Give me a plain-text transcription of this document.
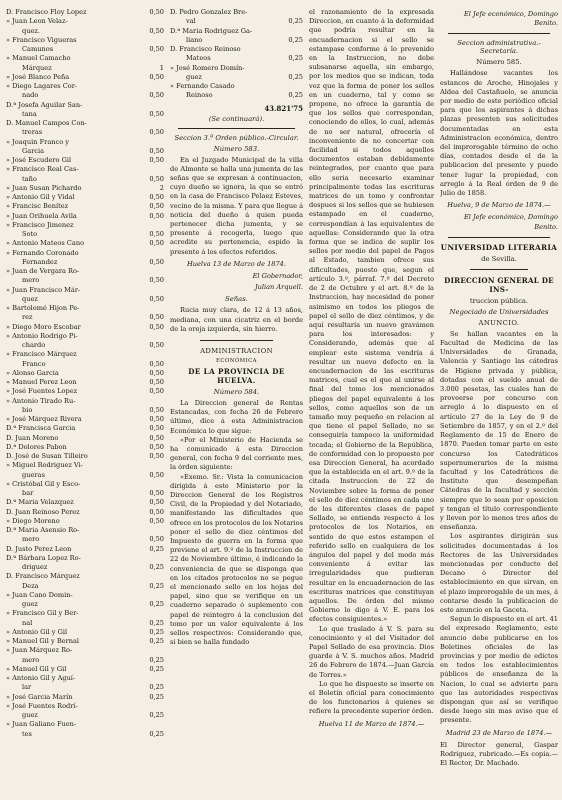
D. Francisco Floy Lopez	0,50
» Juan Leon Velaz-
quez.	0,50
» Francisco Vigueras
Camunos	0,50
» Manuel Camacho
Márquez	1
» José Blanco Peña	0,50
» Diego Lagares Cor-
nado	0,50
D.ª Josefa Aguilar San-
tana	0,50
D. Manuel Campos Con-
treras	0,50
» Joaquin Franco y
Garcia	0,50
» José Escudero Gil	0,50
» Francisco Real Cas-
taño	0,50
» Juan Susan Pichardo	2
» Antonio Gil y Vidal	0,50
» Francisc Benítez	0,50
» Juan Orihuela Avila	0,50
» Francisco Jimenez
Soto	0,50
» Antonio Mateos Cano	0,50
» Fernando Coronado
Fernandez	0,50
» Juan de Vergara Ro-
mero	0,50
» Juan Francisco Már-
quez	0,50
» Bartolomé Hijon Pe-
rez	0,50
» Diego Moro Escobar	0,50
» Antonio Rodrigo Pi-
chardo	0,50
» Francisco Márquez
Franco	0,50
» Alonso Garcia	0,50
» Manuel Perez Leon	0,50
» José Fuentes Lopez	0,50
» Antonio Tirado Ru-
bio	0,50
» José Márquez Rivera	0,50
D.ª Francisca Garcia	0,50
D. Juan Moreno	0,50
D.ª Dolores Pabon	0,50
D. José de Susan Tilleiro	0,50
» Miguel Rodriguez Vi-
gueras	0,50
» Cristóbal Gil y Esco-
bar	0,50
D.ª Maria Velazquez	0,50
D. Juan Reinoso Perez	0,50
» Diego Moreno	0,50
D.ª Maria Asensio Ro-
mero	0,50
D. Justo Perez Leon	0,25
D.ª Bárbara Lopez Ro-
driguez	0,25
D. Francisco Márquez
Deza	0,25
» Juan Cano Domin-
guez	0,25
» Francisco Gil y Ber-
nal	0,25
» Antonio Gil y Gil	0,25
» Manuel Gil y Bernal	0,25
» Juan Márquez Ro-
mero	0,25
» Manuel Gil y Gil	0,25
» Antonio Gil y Aguí-
lar	0,25
» José Garcia Marín	0,25
» José Fuentes Rodrí-
guez	0,25
» Juan Galiano Fuen-
tes	0,25
D. Pedro Gonzalez Bre-
val	0,25
D.ª Maria Rodriguez Ga-
liano	0,25
D. Francisco Reinoso
Mateos	0,25
» José Romero Domín-
guez	0,25
» Fernando Casado
Reinoso	0,25
43.821'75
(Se continuará).
Seccion 3.ª Orden público.-Circular.
Número 583.

En el Juzgado Municipal de la villa de Almonte se halla una jumenta de las señas que se expresan á continuacion, cuyo dueño se ignora, la que se entró en la casa de Francisco Pelaez Esteves, vecino de la misma. Y para que llegue á noticia del dueño á quien pueda pertenecer dicha jumenta, y se presente á recogerla, luego que acredite su pertenencia, espido la presente á los efectos referidos.

Huelva 13 de Marzo de 1874.
El Gobernador,
Julian Arquell.
Señas.

Rucia muy clara, de 12 á 13 años, mediana, con una cicatriz en el borde de la oreja izquierda, sin hierro.

ADMINISTRACION
ECONÓMICA
DE LA PROVINCIA DE HUELVA.
Número 584.

La Direccion general de Rentas Estancadas, con fecha 26 de Febrero último, dice á esta Administracion Económica lo que sigue:

«Por el Ministerio de Hacienda se ha comunicado á esta Direccion general, con fecha 9 del corriente mes, la órden siguiente:

«Exemo. Sr.: Vista la comunicacion dirigida á este Ministerio por la Direccion General de los Registros Civil, de la Propiedad y del Notariado, manifestando las dificultades que ofrece en los protocolos de los Notarios poner el sello de diez céntimos del Impuesto de guerra en la forma que previene el art. 9.º de la Instruccion de 22 de Noviembre último, é indicando la conveniencia de que se disponga que en los citados protocolos no se pegue el mencionado sello en los hojas del papel, sino que se verifique en un cuaderno separado ó suplemento con papel de reintegro á la conclusion del tomo por un valor equivalente á los sellos respectivos: Considerando que, si bien se halla fundado

el razonamiento de la expresada Direccion, en cuanto á la deformidad que podría resultar en la encuadernacion si el sello se estampase conforme á lo prevenido en la Instruccion, no debe subsanarse aquella, sin embargo, por los medios que se indican, toda vez que la forma de poner los sellos en un cuaderno, tal y como se propone, no ofrece la garantía de que los sellos que correspondan, conociendo de ellos, lo cual, además de no ser natural, ofrecería el inconveniente de no concertar con facilidad si todos aquellos documentos estaban debidamente reintegrados, por cuanto que para ello seria necesario examinar principalmente todas las escrituras matrices de un tomo y confrontar despues si los sellos que se hubiesen estampado en el cuaderno, correspondían á las equivalentes de aquellas: Considerando que la otra forma que se indica de suplir los sellos por medio del papel de Pagos al Estado, tambien ofrece sus dificultades, puesto que, segun el artículo 3.º, párraf. 7.º del Decreto de 2 de Octubre y el art. 8.º de la Instruccion, hay necesidad de poner asimismo en todos los pliegos de papel el sello de diez céntimos, y de aquí resultaría un nuevo gravámen para los interesados: y Considerando, además que al emplear este sistema vendría á resultar un nuevo defecto en la encuadernacion de las escrituras matrices, cual es el que al unirse al final del tomo los mencionados pliegos del papel equivalente á los sellos, como aquellos son de un tamaño muy pequeño en relacion al que tiene el papel Sellado, no se conseguiría tampoco la uniformidad tocada; el Gobierno de la República, de conformidad con lo propuesto por esa Direccion General, ha acordado que la establecida en el art. 9.º de la citada Instruccion de 22 de Noviembre sobre la forma de poner el sello de diez céntimos en cada uno de los diferentes clases de papel Sellado, se entienda respecto á los protocolos de los Notarios, en sentido de que estos estampen el referido sello en cualquiera de los ángulos del papel y del modo más conveniente á evitar las irregularidades que pudieran resultar en la encuadernacion de las escrituras matrices que constituyan aquellos. De órden del mismo Gobierno lo digo á V. E. para los efectos consiguientes.»

Lo que traslado á V. S. para su conocimiento y el del Visitador del Papel Sellado de esa provincia. Dios guarde á V. S. muchos años. Madrid 26 de Febrero de 1874.—Juan García de Torres.»

Lo que he dispuesto se inserte en el Boletín oficial para conocimiento de los funcionarios á quienes se refiere la precedente superior órden.

Huelva 11 de Marzo de 1874.—
El Jefe económico, Domingo Benito.
Seccion administrativa.- Secretaría.
Número 585.

Hallándose vacantes los estancos de Aroche, Hinojales y Aldea del Castañuelo, se anuncia por medio de este periódico oficial para que los aspirantes á dichas plazas presenten sus solicitudes documentadas en esta Administracion económica, dentro del improrogable término de ocho días, contados desde el de la publicacion del presente y puedo tener lugar la propiedad, con arreglo á la Real órden de 9 de Julio de 1858.

Huelva, 9 de Marzo de 1874.—
El Jefe económico, Domingo Benito.
UNIVERSIDAD LITERARIA
de Sevilla.
DIRECCION GENERAL DE INS-
truccion pública.
Negociado de Universidades
ANUNCIO.

Se hallan vacantes en la Facultad de Medicina de las Universidades de Granada, Valencia y Santiago las cátedras de Higiene privada y pública, dotadas con el sueldo anual de 3.000 pesetas, las cuales han de proveerse por concurso con arreglo á lo dispuesto en el artículo 27 de la Ley de 9 de Setiembre de 1857, y en el 2.º del Reglamento de 15 de Enero de 1870. Pueden tomar parte en este concurso los Catedráticos supernumerarios de la misma facultad y los Catedráticos de Instituto que desempeñan Cátedras de la facultad y sección siempre que lo sean por oposicion y tengan el título correspondiente y lleven por lo menos tres años de enseñanza.

Los aspirantes dirigirán sus solicitudes documentadas á los Rectores de las Universidades mencionadas por conducto del Decano ó Director del establecimiento en que sirvan, en el plazo improrogable de un mes, á contarse desde la publicacion de este anuncio en la Gaceta.

Segun lo dispuesto en el art. 41 del expresado Reglamento, este anuncio debe publicarse en los Boletines oficiales de las provincias y por medio de edictos en todos los establecimientos públicos de enseñanza de la Nacion, lo cual se advierte para que las autoridades respectivas dispongan que así se verifique desde luego sin mas aviso que el presente.

Madrid 23 de Marzo de 1874.—

El Director general, Gaspar Rodriguez, rubricado.—Es copia.—El Rector, Dr. Machado.
